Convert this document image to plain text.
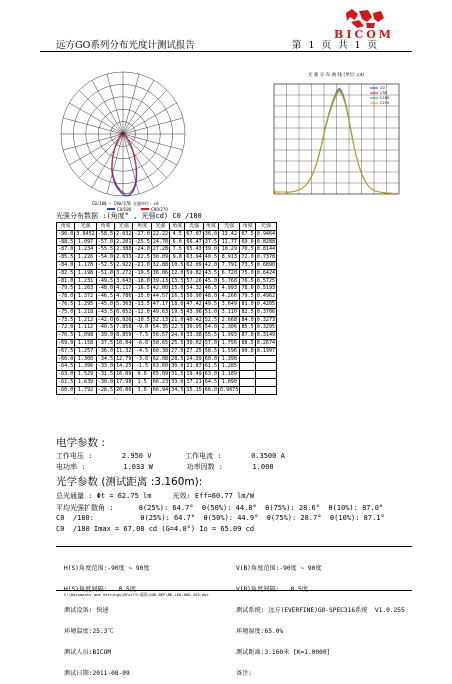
远方GO系列分布光度计测试报告	第 1 页 共 1 页
BICOM
C0/180 — C90/270 光强单位: cd
C0/180	C90/270
光 强 分 布 曲 线 (单位: cd)
C0
C90
C180
C270
光强分布数据 :(角度° , 光强cd) C0 /180
角度	光强	角度	光强	角度	光强	角度	光强	角度	光强	角度	光强
-90.0	3.8452	-58.5	2.032	-27.0	22.22	4.5	67.07	36.0	13.42	67.5	0.9464
-88.5	1.097	-57.0	2.201	-25.5	24.70	6.0	66.47	37.5	11.77	69.0	0.8288
-87.0	1.234	-55.5	2.388	-24.0	27.28	7.5	65.43	39.0	10.29	70.5	0.8144
-85.5	1.226	-54.0	2.633	-22.5	30.09	9.0	63.94	40.5	8.913	72.0	0.7378
-84.0	1.178	-52.5	2.922	-21.0	32.88	10.5	62.09	42.0	7.791	73.5	0.6890
-82.5	1.198	-51.0	3.272	-19.5	36.06	12.0	59.82	43.5	6.720	75.0	0.6424
-81.0	1.231	-49.5	3.643	-18.0	39.13	13.5	57.26	45.0	5.768	76.5	0.5725
-79.5	1.263	-48.0	4.117	-16.5	42.00	15.0	54.32	46.5	4.993	78.0	0.5193
-78.0	1.372	-46.5	4.786	-15.0	44.57	16.5	50.90	48.0	4.266	79.5	0.4962
-76.5	1.295	-45.0	5.363	-13.5	47.17	18.0	47.42	49.5	3.649	81.0	0.4205
-75.0	1.218	-43.5	6.052	-12.0	49.63	19.5	43.96	51.0	3.110	82.5	0.3706
-73.5	1.212	-42.0	6.926	-10.5	52.13	21.0	40.42	52.5	2.668	84.0	0.3273
-72.0	1.112	-40.5	7.858	-9.0	54.35	22.5	36.95	54.0	2.306	85.5	0.3295
-70.5	1.098	-39.0	8.859	-7.5	56.57	24.0	33.38	55.5	1.993	87.0	0.3149
-69.0	1.158	-37.5	10.04	-6.0	58.65	25.5	30.02	57.0	1.756	88.5	0.2674
-67.5	1.257	-36.0	11.32	-4.5	60.38	27.0	27.25	58.5	1.596	90.0	0.1997
-66.0	1.300	-34.5	12.79	-3.0	62.08	28.5	24.39	60.0	1.398		
-64.5	1.396	-33.0	14.25	-1.5	63.60	30.0	21.87	61.5	1.285		
-63.0	1.529	-31.5	16.09	0.0	65.09	31.5	19.49	63.0	1.189		
-61.5	1.639	-30.0	17.98	1.5	66.23	33.0	17.21	64.5	1.090		
-60.0	1.792	-28.5	20.06	3.0	66.94	34.5	15.15	66.0	0.9675		
电学参数 :
工作电压 :       2.950 V        工作电流 :       0.3500 A
电功率 :         1.033 W        功率因数 :       1.000
光学参数 (测试距离 :3.160m):
总光通量 : Φt = 62.75 lm     光效: Eff=60.77 lm/W
平均光强扩散角 :      θ(25%): 64.7°  θ(50%): 44.8°  θ(75%): 28.6°  θ(10%): 87.0°
C0  /180:           θ(25%): 64.7°  θ(50%): 44.9°  θ(75%): 28.7°  θ(10%): 87.1°
C0  /180 Imax = 67.08 cd (G=4.0°) Io = 65.09 cd

H(S)角度范围:-90度 ~ 90度

H(S)角度间隔:   0.5度

测试设备: 快速

环境温度:25.3℃

测试人员:BICOM

测试日期:2011-08-09

V(B)角度范围:-90度 ~ 90度

V(B)角度间隔:   0.5度

测试系统: 远方(EVERFINE)GO-SPEC316系统  V1.0.255

环境湿度:65.0%

测试距离:3.160米 [K=1.0000]

备注:

C:\Documents and Settings\Bfcz71\桌面\GO8-BEF\BK-LED-006-545.doc
